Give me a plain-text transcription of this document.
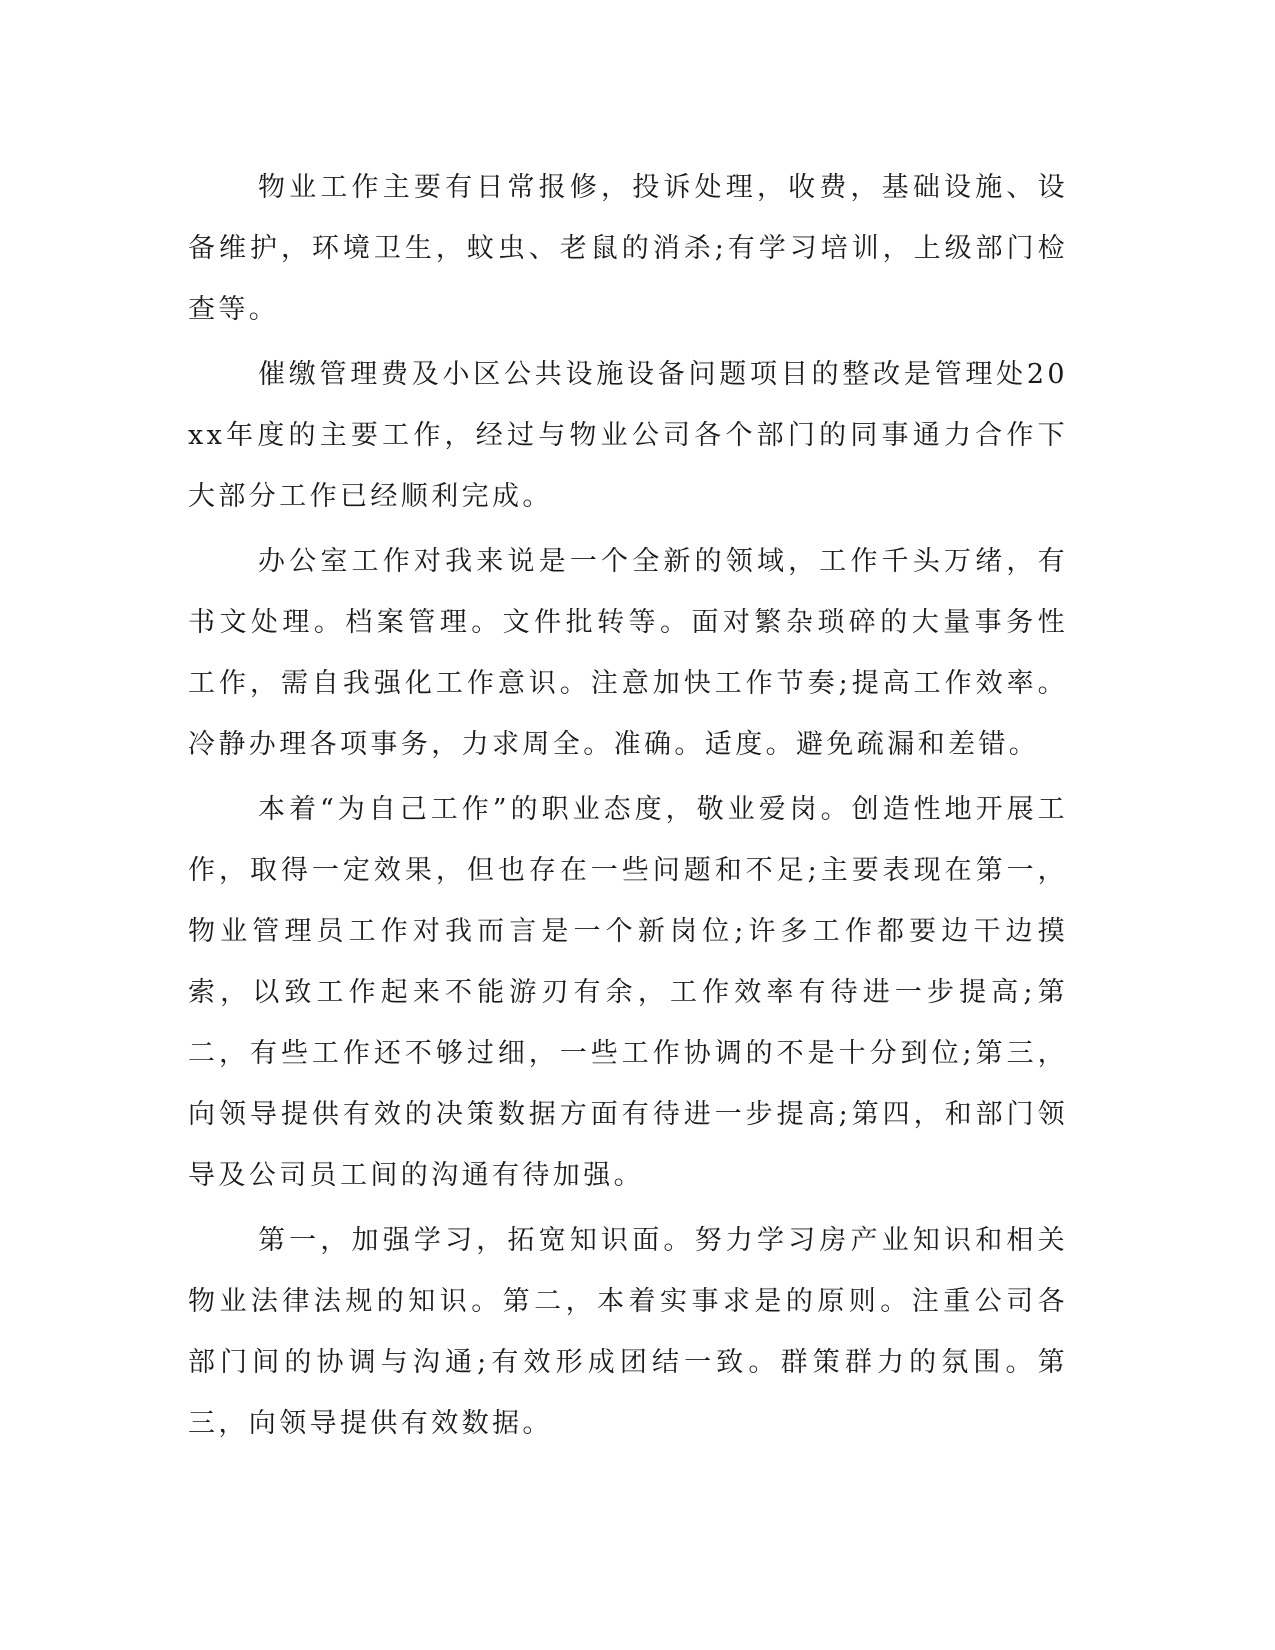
物业工作主要有日常报修，投诉处理，收费，基础设施、设备维护，环境卫生，蚊虫、老鼠的消杀;有学习培训，上级部门检查等。

催缴管理费及小区公共设施设备问题项目的整改是管理处20xx年度的主要工作，经过与物业公司各个部门的同事通力合作下大部分工作已经顺利完成。

办公室工作对我来说是一个全新的领域，工作千头万绪，有书文处理。档案管理。文件批转等。面对繁杂琐碎的大量事务性工作，需自我强化工作意识。注意加快工作节奏;提高工作效率。冷静办理各项事务，力求周全。准确。适度。避免疏漏和差错。

本着“为自己工作”的职业态度，敬业爱岗。创造性地开展工作，取得一定效果，但也存在一些问题和不足;主要表现在第一，物业管理员工作对我而言是一个新岗位;许多工作都要边干边摸索，以致工作起来不能游刃有余，工作效率有待进一步提高;第二，有些工作还不够过细，一些工作协调的不是十分到位;第三，向领导提供有效的决策数据方面有待进一步提高;第四，和部门领导及公司员工间的沟通有待加强。

第一，加强学习，拓宽知识面。努力学习房产业知识和相关物业法律法规的知识。第二，本着实事求是的原则。注重公司各部门间的协调与沟通;有效形成团结一致。群策群力的氛围。第三，向领导提供有效数据。
